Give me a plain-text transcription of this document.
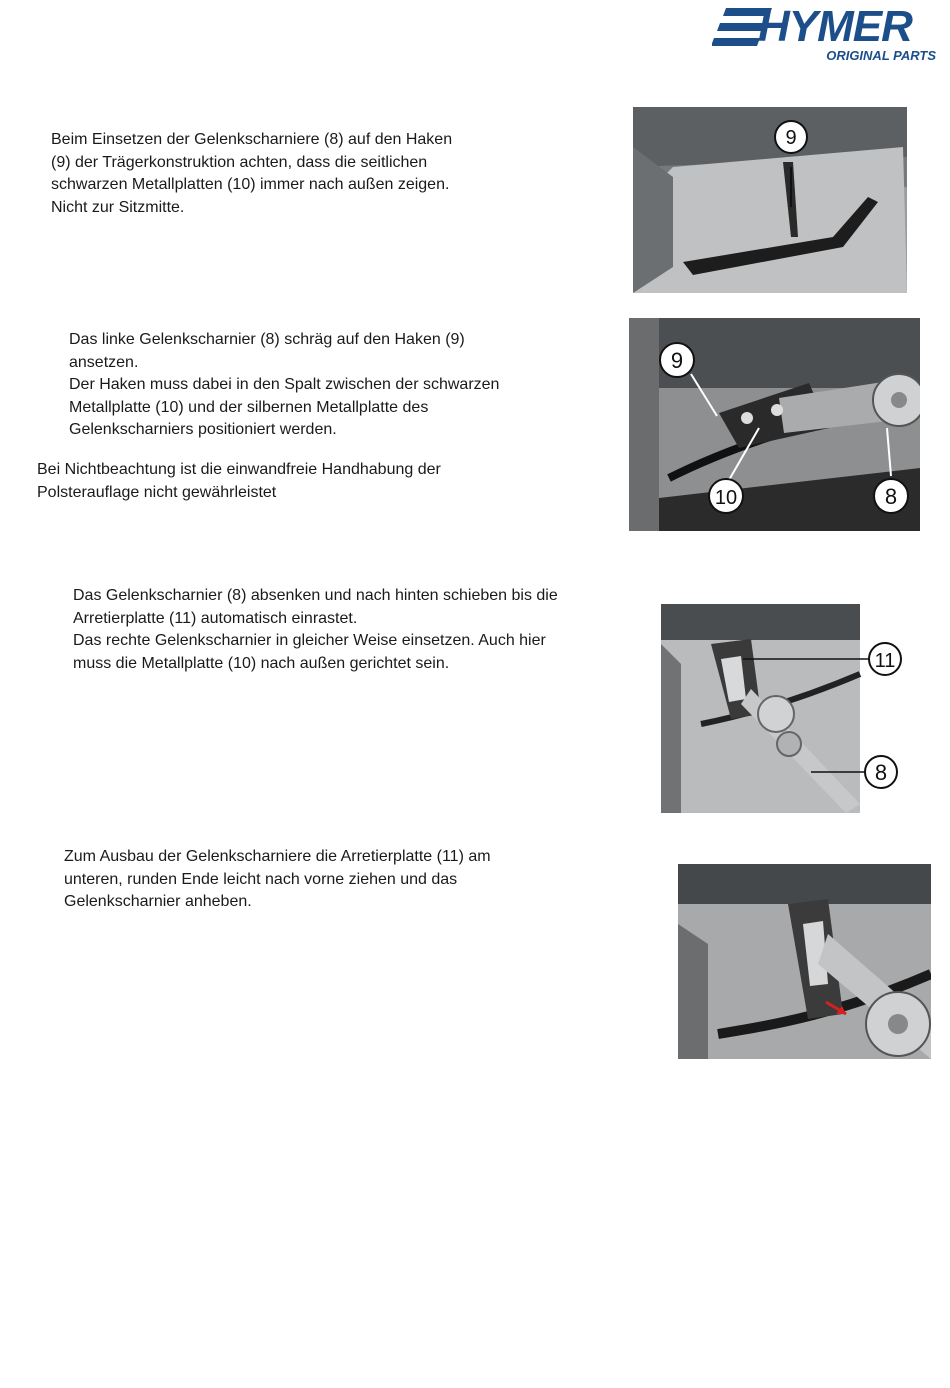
HYMER
ORIGINAL PARTS

Beim Einsetzen der Gelenkscharniere (8) auf den Haken

(9) der Trägerkonstruktion achten, dass die seitlichen

schwarzen Metallplatten (10) immer nach außen zeigen.

Nicht zur Sitzmitte.

9

Das linke Gelenkscharnier (8) schräg auf den Haken (9)

ansetzen.

Der Haken muss dabei in den Spalt zwischen der schwarzen

Metallplatte (10) und der silbernen Metallplatte des

Gelenkscharniers positioniert werden.

Bei Nichtbeachtung ist die einwandfreie Handhabung der

Polsterauflage nicht gewährleistet

9
10	8

Das Gelenkscharnier (8) absenken und nach hinten schieben bis die

Arretierplatte (11) automatisch einrastet.

Das rechte Gelenkscharnier in gleicher Weise einsetzen. Auch hier

muss die Metallplatte (10) nach außen gerichtet sein.	11
8

Zum Ausbau der Gelenkscharniere die Arretierplatte (11) am

unteren, runden Ende leicht nach vorne ziehen und das

Gelenkscharnier anheben.
